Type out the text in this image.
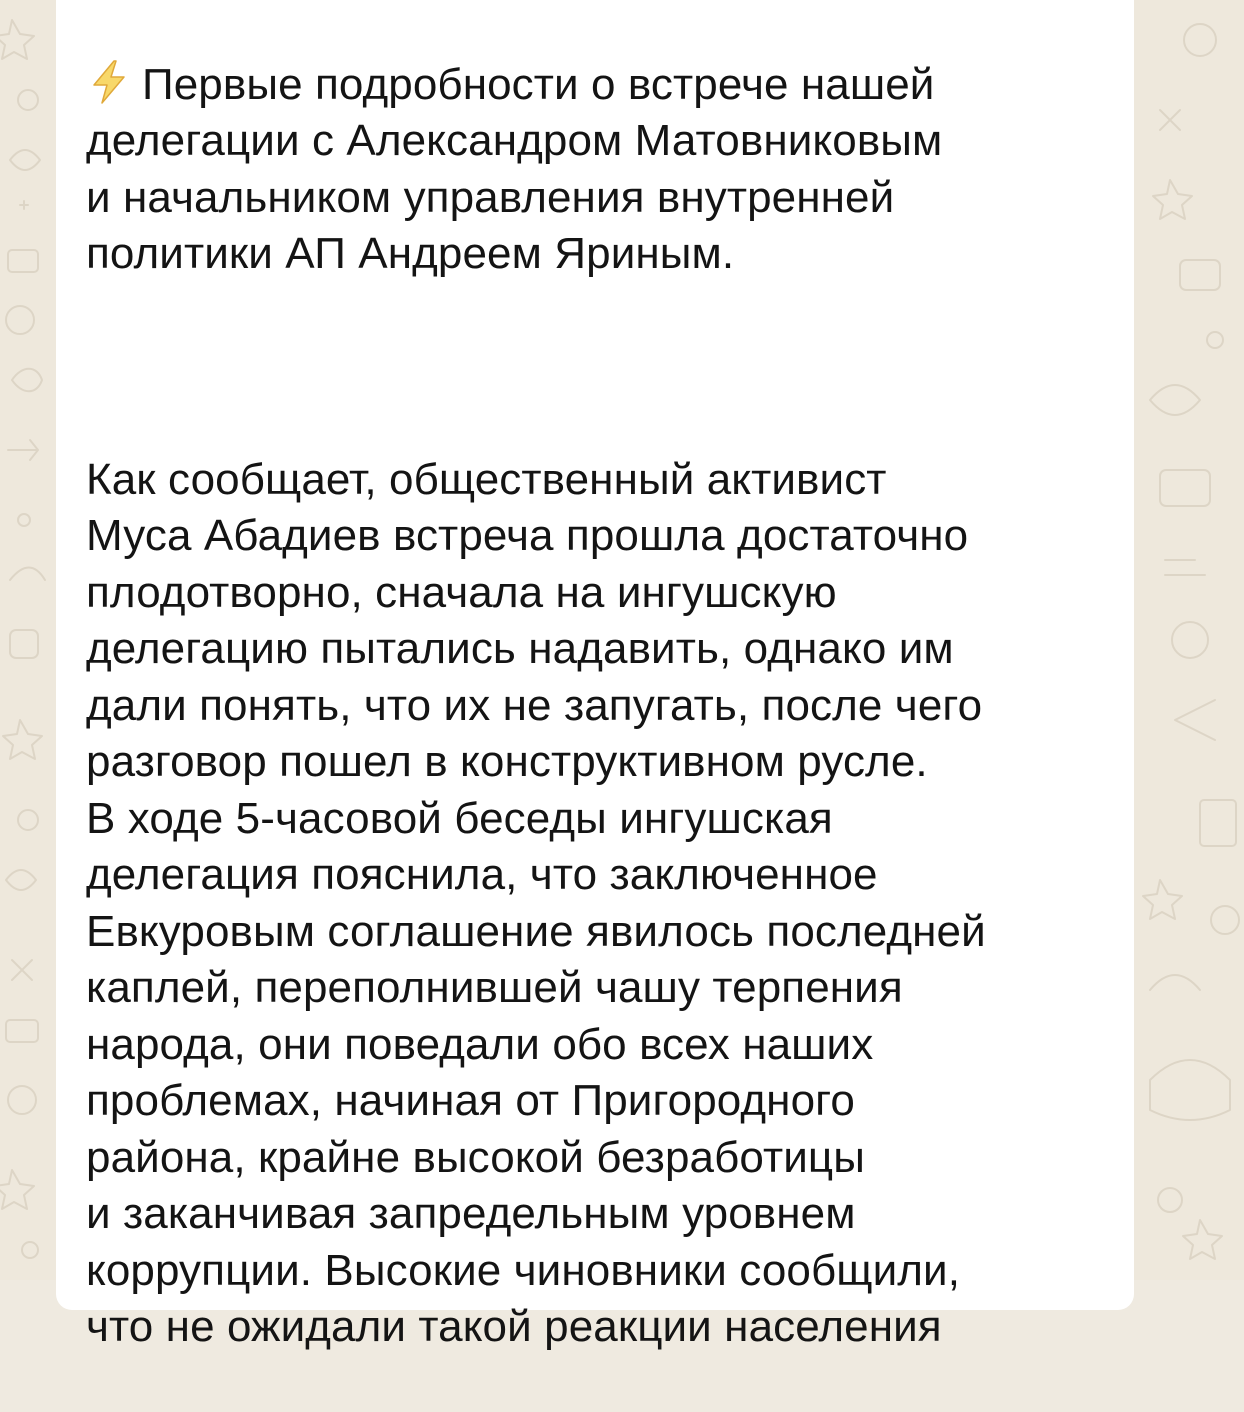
Первые подробности о встрече нашей
делегации с Александром Матовниковым
и начальником управления внутренней
политики АП Андреем Яриным.

Как сообщает, общественный активист
Муса Абадиев встреча прошла достаточно
плодотворно, сначала на ингушскую
делегацию пытались надавить, однако им
дали понять, что их не запугать, после чего
разговор пошел в конструктивном русле.
В ходе 5-часовой беседы ингушская
делегация пояснила, что заключенное
Евкуровым соглашение явилось последней
каплей, переполнившей чашу терпения
народа, они поведали обо всех наших
проблемах, начиная от Пригородного
района, крайне высокой безработицы
и заканчивая запредельным уровнем
коррупции. Высокие чиновники сообщили,
что не ожидали такой реакции населения
